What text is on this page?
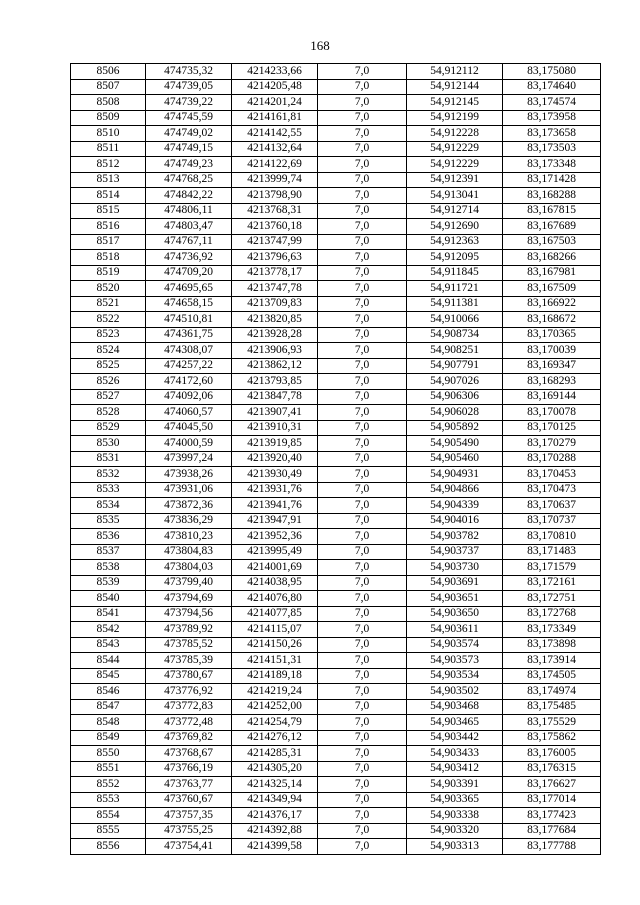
168
8506	474735,32	4214233,66	7,0	54,912112	83,175080
8507	474739,05	4214205,48	7,0	54,912144	83,174640
8508	474739,22	4214201,24	7,0	54,912145	83,174574
8509	474745,59	4214161,81	7,0	54,912199	83,173958
8510	474749,02	4214142,55	7,0	54,912228	83,173658
8511	474749,15	4214132,64	7,0	54,912229	83,173503
8512	474749,23	4214122,69	7,0	54,912229	83,173348
8513	474768,25	4213999,74	7,0	54,912391	83,171428
8514	474842,22	4213798,90	7,0	54,913041	83,168288
8515	474806,11	4213768,31	7,0	54,912714	83,167815
8516	474803,47	4213760,18	7,0	54,912690	83,167689
8517	474767,11	4213747,99	7,0	54,912363	83,167503
8518	474736,92	4213796,63	7,0	54,912095	83,168266
8519	474709,20	4213778,17	7,0	54,911845	83,167981
8520	474695,65	4213747,78	7,0	54,911721	83,167509
8521	474658,15	4213709,83	7,0	54,911381	83,166922
8522	474510,81	4213820,85	7,0	54,910066	83,168672
8523	474361,75	4213928,28	7,0	54,908734	83,170365
8524	474308,07	4213906,93	7,0	54,908251	83,170039
8525	474257,22	4213862,12	7,0	54,907791	83,169347
8526	474172,60	4213793,85	7,0	54,907026	83,168293
8527	474092,06	4213847,78	7,0	54,906306	83,169144
8528	474060,57	4213907,41	7,0	54,906028	83,170078
8529	474045,50	4213910,31	7,0	54,905892	83,170125
8530	474000,59	4213919,85	7,0	54,905490	83,170279
8531	473997,24	4213920,40	7,0	54,905460	83,170288
8532	473938,26	4213930,49	7,0	54,904931	83,170453
8533	473931,06	4213931,76	7,0	54,904866	83,170473
8534	473872,36	4213941,76	7,0	54,904339	83,170637
8535	473836,29	4213947,91	7,0	54,904016	83,170737
8536	473810,23	4213952,36	7,0	54,903782	83,170810
8537	473804,83	4213995,49	7,0	54,903737	83,171483
8538	473804,03	4214001,69	7,0	54,903730	83,171579
8539	473799,40	4214038,95	7,0	54,903691	83,172161
8540	473794,69	4214076,80	7,0	54,903651	83,172751
8541	473794,56	4214077,85	7,0	54,903650	83,172768
8542	473789,92	4214115,07	7,0	54,903611	83,173349
8543	473785,52	4214150,26	7,0	54,903574	83,173898
8544	473785,39	4214151,31	7,0	54,903573	83,173914
8545	473780,67	4214189,18	7,0	54,903534	83,174505
8546	473776,92	4214219,24	7,0	54,903502	83,174974
8547	473772,83	4214252,00	7,0	54,903468	83,175485
8548	473772,48	4214254,79	7,0	54,903465	83,175529
8549	473769,82	4214276,12	7,0	54,903442	83,175862
8550	473768,67	4214285,31	7,0	54,903433	83,176005
8551	473766,19	4214305,20	7,0	54,903412	83,176315
8552	473763,77	4214325,14	7,0	54,903391	83,176627
8553	473760,67	4214349,94	7,0	54,903365	83,177014
8554	473757,35	4214376,17	7,0	54,903338	83,177423
8555	473755,25	4214392,88	7,0	54,903320	83,177684
8556	473754,41	4214399,58	7,0	54,903313	83,177788
